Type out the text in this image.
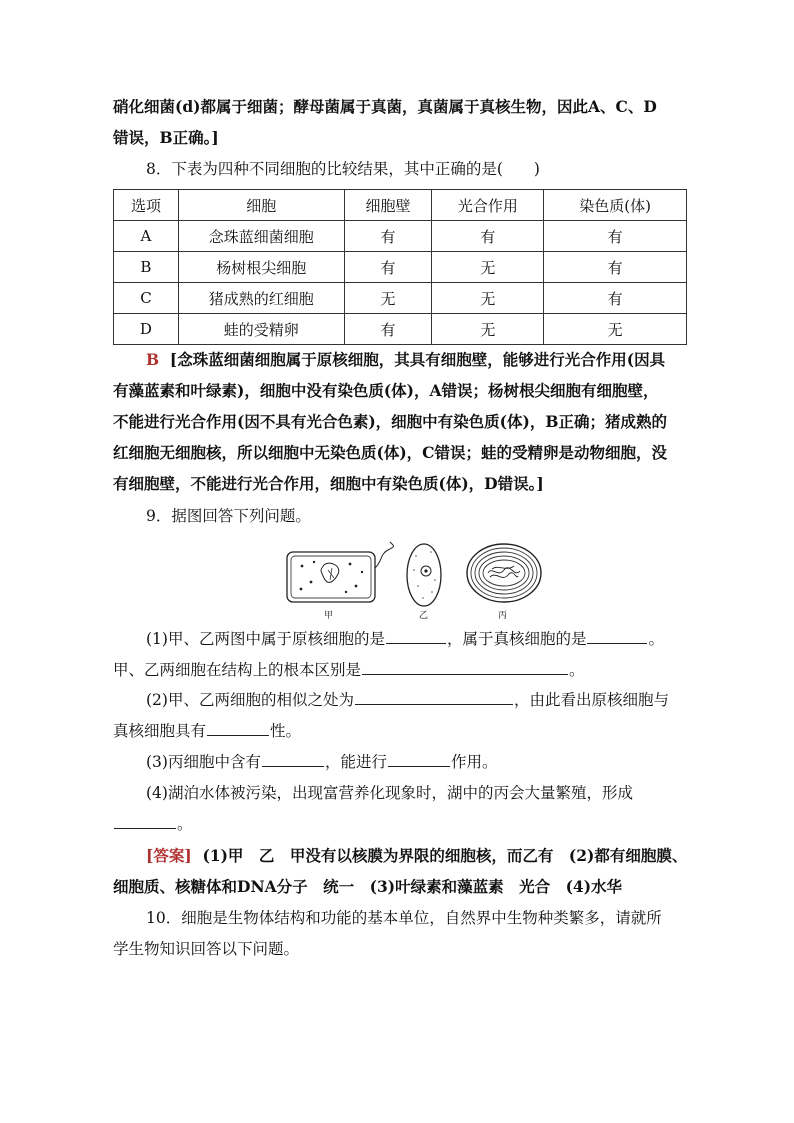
硝化细菌(d)都属于细菌；酵母菌属于真菌，真菌属于真核生物，因此A、C、D
错误，B正确。]
8．下表为四种不同细胞的比较结果，其中正确的是(　　)
选项	细胞	细胞壁	光合作用	染色质(体)
A	念珠蓝细菌细胞	有	有	有
B	杨树根尖细胞	有	无	有
C	猪成熟的红细胞	无	无	有
D	蛙的受精卵	有	无	无
B [念珠蓝细菌细胞属于原核细胞，其具有细胞壁，能够进行光合作用(因具
有藻蓝素和叶绿素)，细胞中没有染色质(体)，A错误；杨树根尖细胞有细胞壁，
不能进行光合作用(因不具有光合色素)，细胞中有染色质(体)，B正确；猪成熟的
红细胞无细胞核，所以细胞中无染色质(体)，C错误；蛙的受精卵是动物细胞，没
有细胞壁，不能进行光合作用，细胞中有染色质(体)，D错误。]
9．据图回答下列问题。
甲	乙	丙
(1)甲、乙两图中属于原核细胞的是	，属于真核细胞的是	。
甲、乙两细胞在结构上的根本区别是	。
(2)甲、乙两细胞的相似之处为	，由此看出原核细胞与
真核细胞具有	性。
(3)丙细胞中含有	，能进行	作用。
(4)湖泊水体被污染，出现富营养化现象时，湖中的丙会大量繁殖，形成
。
[答案] (1)甲　乙　甲没有以核膜为界限的细胞核，而乙有　(2)都有细胞膜、
细胞质、核糖体和DNA分子　统一　(3)叶绿素和藻蓝素　光合　(4)水华
10．细胞是生物体结构和功能的基本单位，自然界中生物种类繁多，请就所
学生物知识回答以下问题。
